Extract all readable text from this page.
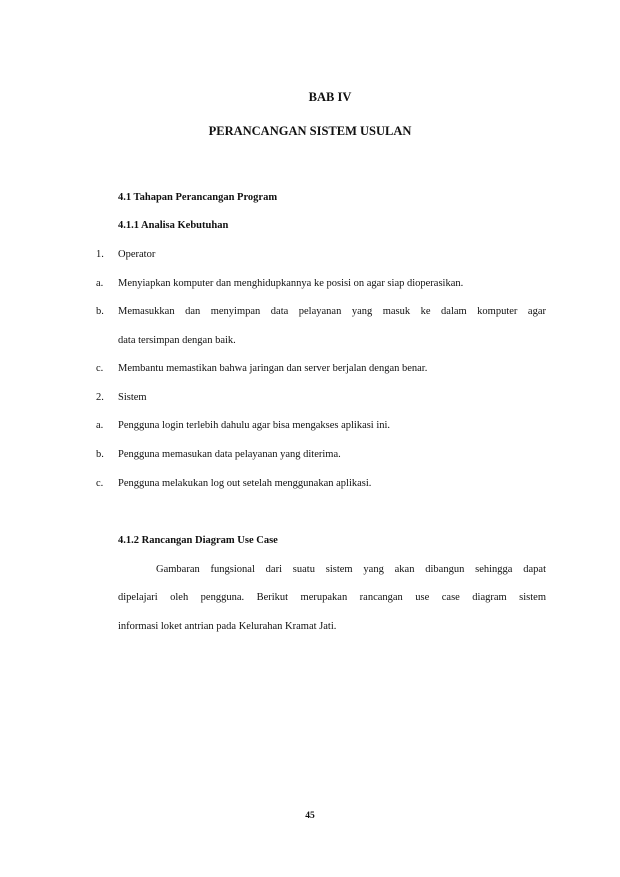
BAB IV
PERANCANGAN SISTEM USULAN
4.1 Tahapan Perancangan Program
4.1.1 Analisa Kebutuhan
1. Operator
a. Menyiapkan komputer dan menghidupkannya ke posisi on agar siap dioperasikan.
b. Memasukkan dan menyimpan data pelayanan yang masuk ke dalam komputer agar
data tersimpan dengan baik.
c. Membantu memastikan bahwa jaringan dan server berjalan dengan benar.
2. Sistem
a. Pengguna login terlebih dahulu agar bisa mengakses aplikasi ini.
b. Pengguna memasukan data pelayanan yang diterima.
c. Pengguna melakukan log out setelah menggunakan aplikasi.
4.1.2 Rancangan Diagram Use Case
Gambaran fungsional dari suatu sistem yang akan dibangun sehingga dapat
dipelajari oleh pengguna. Berikut merupakan rancangan use case diagram sistem
informasi loket antrian pada Kelurahan Kramat Jati.
45
